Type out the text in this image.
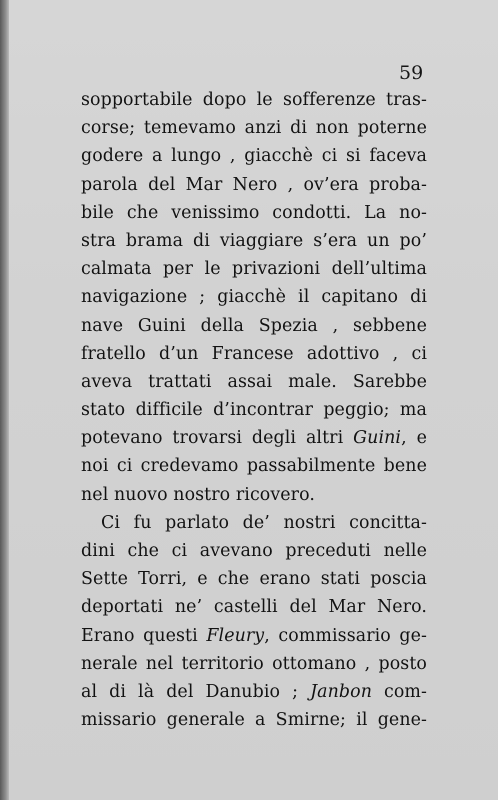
59
sopportabile dopo le sofferenze tras-
corse; temevamo anzi di non poterne
godere a lungo , giacchè ci si faceva
parola del Mar Nero , ov’era proba-
bile che venissimo condotti. La no-
stra brama di viaggiare s’era un po’
calmata per le privazioni dell’ultima
navigazione ; giacchè il capitano di
nave Guini della Spezia , sebbene
fratello d’un Francese adottivo , ci
aveva trattati assai male. Sarebbe
stato difficile d’incontrar peggio; ma
potevano trovarsi degli altri Guini, e
noi ci credevamo passabilmente bene
nel nuovo nostro ricovero.
Ci fu parlato de’ nostri concitta-
dini che ci avevano preceduti nelle
Sette Torri, e che erano stati poscia
deportati ne’ castelli del Mar Nero.
Erano questi Fleury, commissario ge-
nerale nel territorio ottomano , posto
al di là del Danubio ; Janbon com-
missario generale a Smirne; il gene-
